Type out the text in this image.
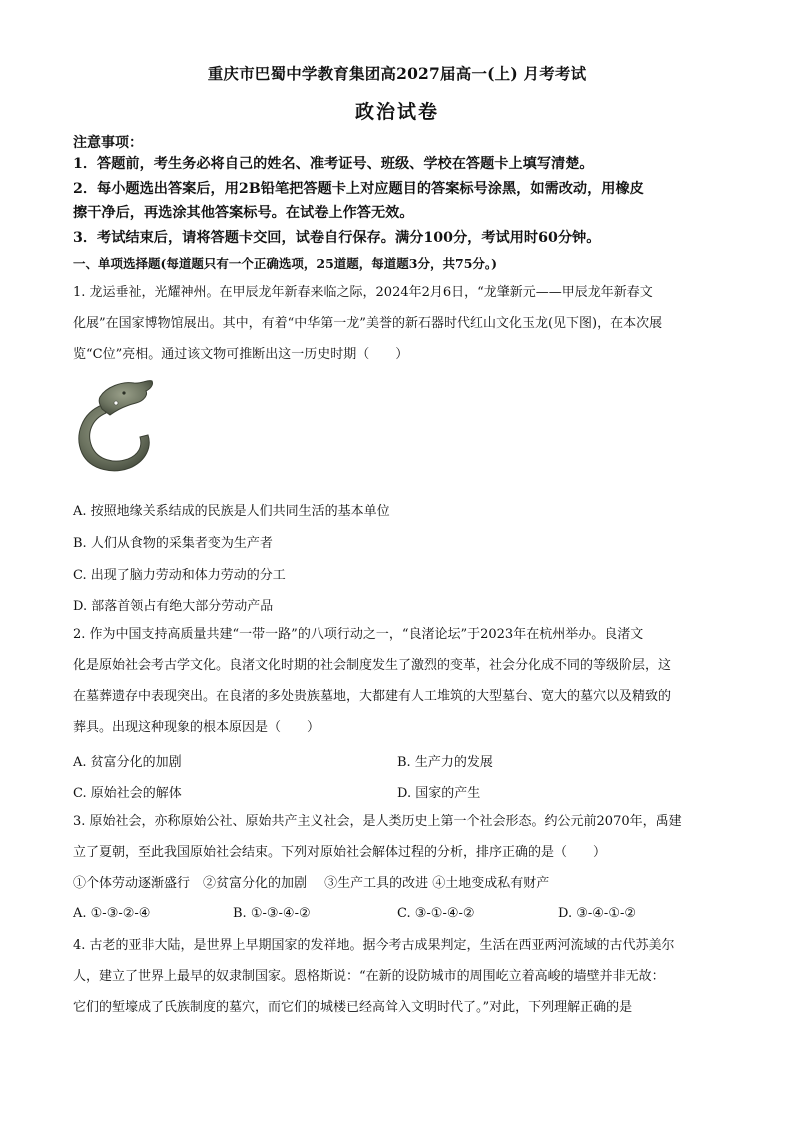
重庆市巴蜀中学教育集团高2027届高一(上) 月考考试
政治试卷
注意事项：
1．答题前，考生务必将自己的姓名、准考证号、班级、学校在答题卡上填写清楚。
2．每小题选出答案后，用2B铅笔把答题卡上对应题目的答案标号涂黑，如需改动，用橡皮
擦干净后，再选涂其他答案标号。在试卷上作答无效。
3．考试结束后，请将答题卡交回，试卷自行保存。满分100分，考试用时60分钟。
一、单项选择题(每道题只有一个正确选项，25道题，每道题3分，共75分。)
1. 龙运垂祉，光耀神州。在甲辰龙年新春来临之际，2024年2月6日，“龙肇新元——甲辰龙年新春文
化展”在国家博物馆展出。其中，有着“中华第一龙”美誉的新石器时代红山文化玉龙(见下图)，在本次展
览“C位”亮相。通过该文物可推断出这一历史时期（　　）
A. 按照地缘关系结成的民族是人们共同生活的基本单位
B. 人们从食物的采集者变为生产者
C. 出现了脑力劳动和体力劳动的分工
D. 部落首领占有绝大部分劳动产品
2. 作为中国支持高质量共建“一带一路”的八项行动之一，“良渚论坛”于2023年在杭州举办。良渚文
化是原始社会考古学文化。良渚文化时期的社会制度发生了激烈的变革，社会分化成不同的等级阶层，这
在墓葬遗存中表现突出。在良渚的多处贵族墓地，大都建有人工堆筑的大型墓台、宽大的墓穴以及精致的
葬具。出现这种现象的根本原因是（　　）
A. 贫富分化的加剧	B. 生产力的发展
C. 原始社会的解体	D. 国家的产生
3. 原始社会，亦称原始公社、原始共产主义社会，是人类历史上第一个社会形态。约公元前2070年，禹建
立了夏朝，至此我国原始社会结束。下列对原始社会解体过程的分析，排序正确的是（　　）
①个体劳动逐渐盛行　②贫富分化的加剧　 ③生产工具的改进 ④土地变成私有财产
A. ①-③-②-④	B. ①-③-④-②	C. ③-①-④-②	D. ③-④-①-②
4. 古老的亚非大陆，是世界上早期国家的发祥地。据今考古成果判定，生活在西亚两河流域的古代苏美尔
人，建立了世界上最早的奴隶制国家。恩格斯说：“在新的设防城市的周围屹立着高峻的墙壁并非无故：
它们的堑壕成了氏族制度的墓穴，而它们的城楼已经高耸入文明时代了。”对此，下列理解正确的是
